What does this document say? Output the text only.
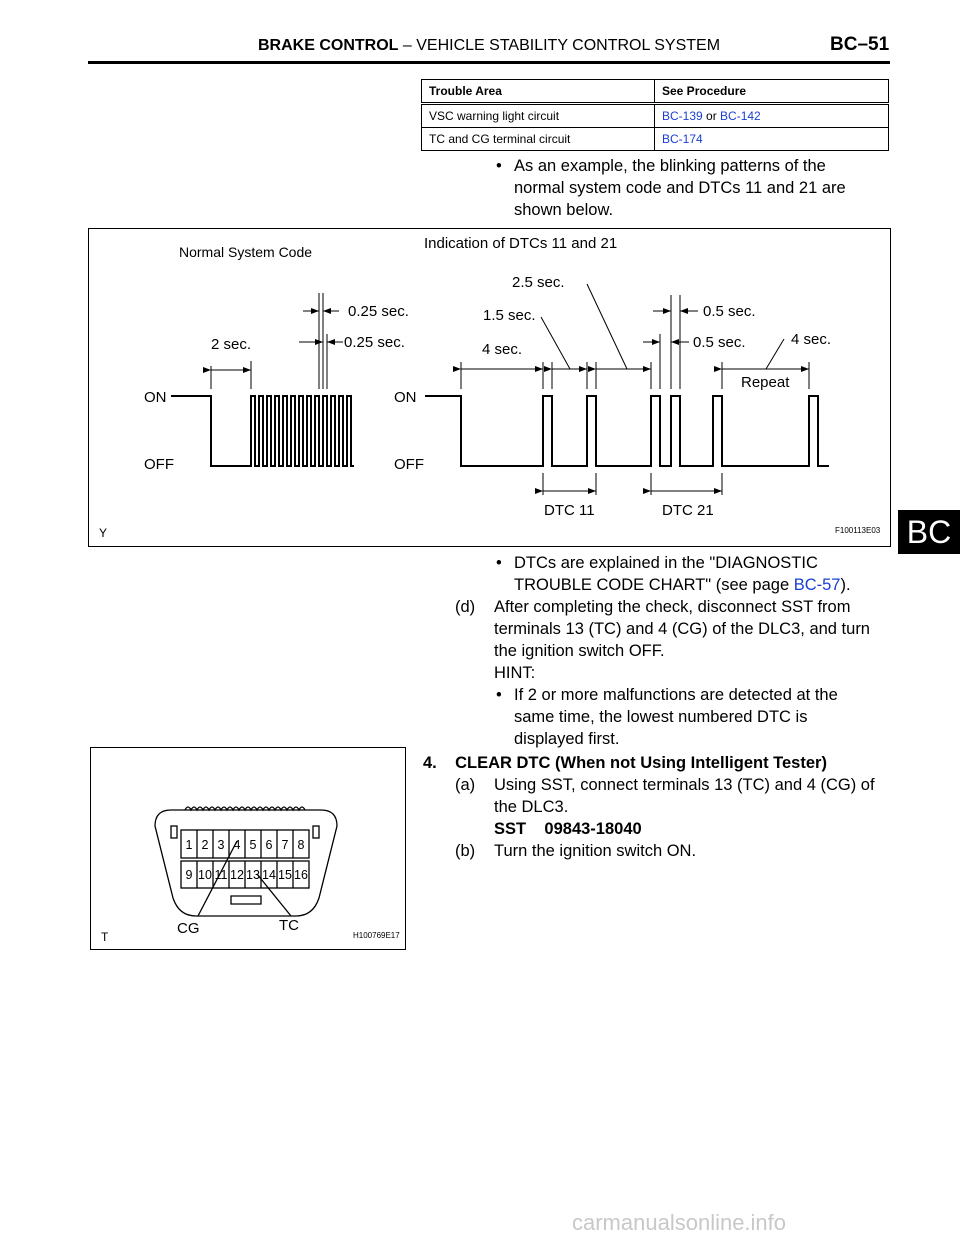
BRAKE CONTROL – VEHICLE STABILITY CONTROL SYSTEM	BC–51
BC
Trouble Area	See Procedure
VSC warning light circuit	BC-139 or BC-142
TC and CG terminal circuit	BC-174
• As an example, the blinking patterns of the
normal system code and DTCs 11 and 21 are
shown below.
Normal System Code	Indication of DTCs 11 and 21
ON
OFF
ON
OFF
0.25 sec.
0.25 sec.
2 sec.
2.5 sec.
1.5 sec.
4 sec.
0.5 sec.
0.5 sec.	4 sec.
Repeat
DTC 11	DTC 21
Y	F100113E03
• DTCs are explained in the "DIAGNOSTIC
TROUBLE CODE CHART" (see page BC-57).
(d) After completing the check, disconnect SST from
terminals 13 (TC) and 4 (CG) of the DLC3, and turn
the ignition switch OFF.
HINT:
• If 2 or more malfunctions are detected at the
same time, the lowest numbered DTC is
displayed first.
4.    CLEAR DTC (When not Using Intelligent Tester)
(a) Using SST, connect terminals 13 (TC) and 4 (CG) of
the DLC3.
SST    09843-18040
(b) Turn the ignition switch ON.
1 2 3 4 5 6 7 8
9 10 11 12 13 14 15 16
CG	TC
T	H100769E17
carmanualsonline.info
